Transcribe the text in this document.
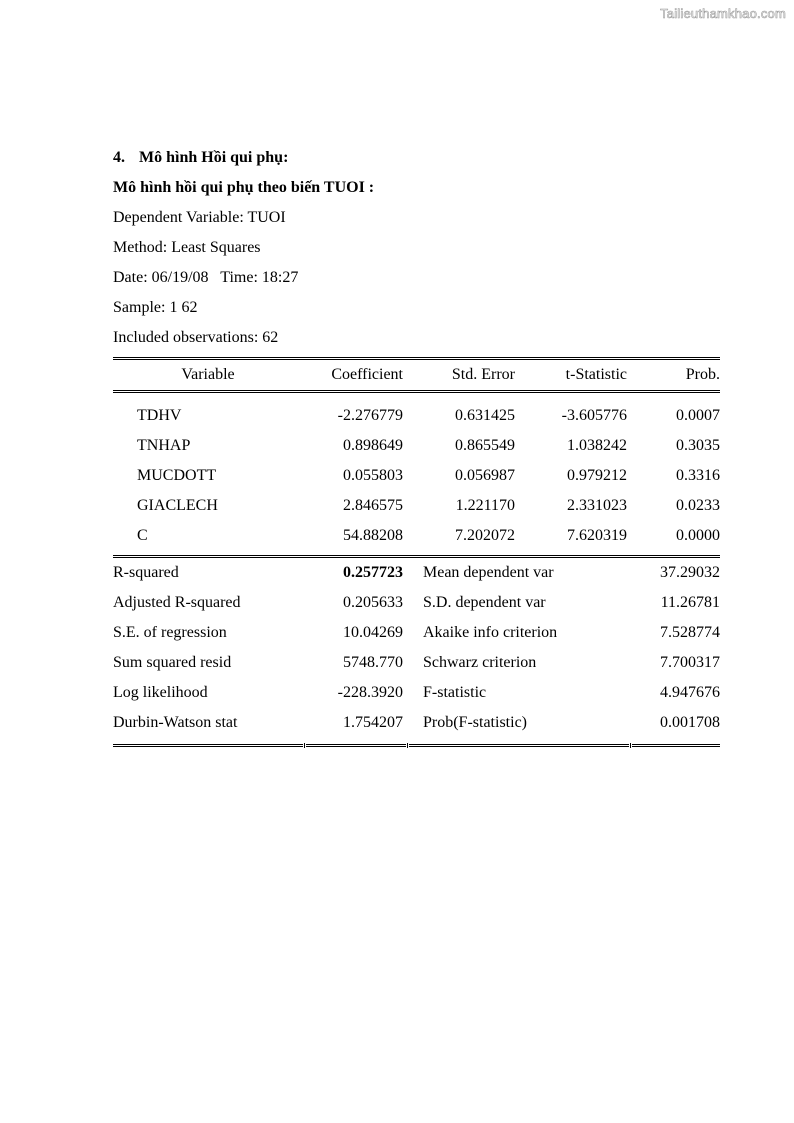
Tailieuthamkhao.com
4. Mô hình Hồi qui phụ:
Mô hình hồi qui phụ theo biến TUOI :
Dependent Variable: TUOI
Method: Least Squares
Date: 06/19/08   Time: 18:27
Sample: 1 62
Included observations: 62
Variable	Coefficient	Std. Error	t-Statistic	Prob.

TDHV	-2.276779	0.631425	-3.605776	0.0007
TNHAP	0.898649	0.865549	1.038242	0.3035
MUCDOTT	0.055803	0.056987	0.979212	0.3316
GIACLECH	2.846575	1.221170	2.331023	0.0233
C	54.88208	7.202072	7.620319	0.0000
R-squared	0.257723		Mean dependent var	37.29032
Adjusted R-squared	0.205633		S.D. dependent var	11.26781
S.E. of regression	10.04269		Akaike info criterion	7.528774
Sum squared resid	5748.770		Schwarz criterion	7.700317
Log likelihood	-228.3920		F-statistic	4.947676
Durbin-Watson stat	1.754207		Prob(F-statistic)	0.001708
